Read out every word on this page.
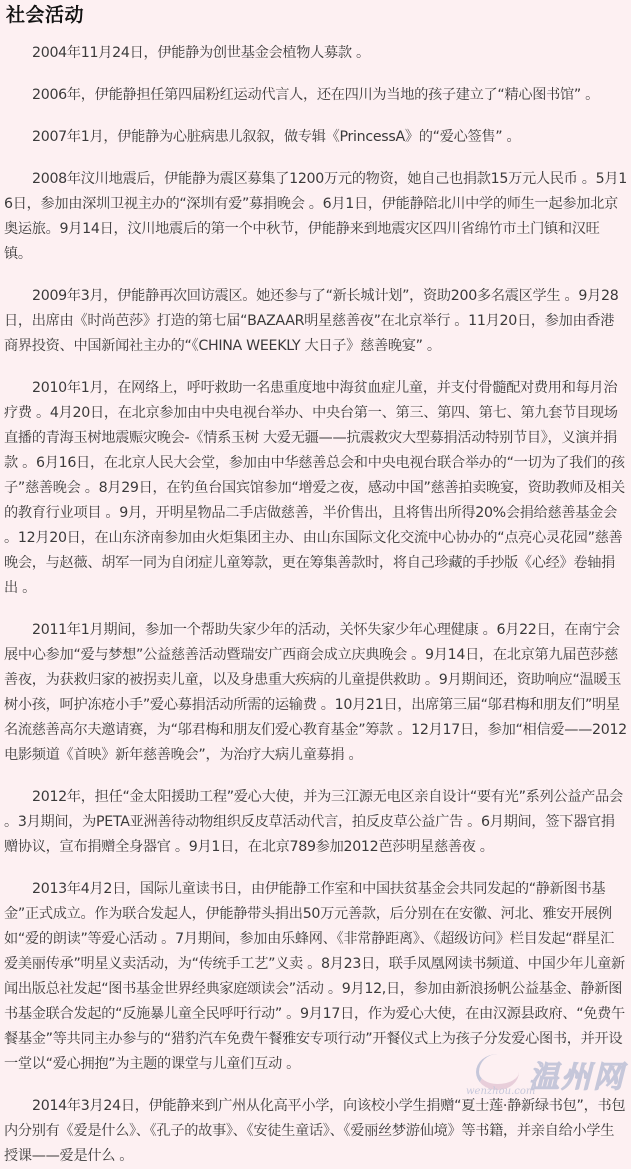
社会活动

2004年11月24日，伊能静为创世基金会植物人募款 。

2006年，伊能静担任第四届粉红运动代言人，还在四川为当地的孩子建立了“精心图书馆” 。

2007年1月，伊能静为心脏病患儿叙叙，做专辑《PrincessA》的“爱心签售” 。

2008年汶川地震后，伊能静为震区募集了1200万元的物资，她自己也捐款15万元人民币 。5月16日，参加由深圳卫视主办的“深圳有爱”募捐晚会 。6月1日，伊能静陪北川中学的师生一起参加北京奥运旅。9月14日，汶川地震后的第一个中秋节，伊能静来到地震灾区四川省绵竹市土门镇和汉旺镇。

2009年3月，伊能静再次回访震区。她还参与了“新长城计划”，资助200多名震区学生 。9月28日，出席由《时尚芭莎》打造的第七届“BAZAAR明星慈善夜”在北京举行 。11月20日，参加由香港商界投资、中国新闻社主办的“《CHINA WEEKLY 大日子》慈善晚宴” 。

2010年1月，在网络上，呼吁救助一名患重度地中海贫血症儿童，并支付骨髓配对费用和每月治疗费 。4月20日，在北京参加由中央电视台举办、中央台第一、第三、第四、第七、第九套节目现场直播的青海玉树地震赈灾晚会-《情系玉树 大爱无疆——抗震救灾大型募捐活动特别节目》，义演并捐款 。6月16日，在北京人民大会堂，参加由中华慈善总会和中央电视台联合举办的“一切为了我们的孩子”慈善晚会 。8月29日，在钓鱼台国宾馆参加“增爱之夜，感动中国”慈善拍卖晚宴，资助教师及相关的教育行业项目 。9月，开明星物品二手店做慈善，半价售出，且将售出所得20%会捐给慈善基金会 。12月20日，在山东济南参加由火炬集团主办、由山东国际文化交流中心协办的“点亮心灵花园”慈善晚会，与赵薇、胡军一同为自闭症儿童筹款，更在筹集善款时，将自己珍藏的手抄版《心经》卷轴捐出 。

2011年1月期间，参加一个帮助失家少年的活动，关怀失家少年心理健康 。6月22日，在南宁会展中心参加“爱与梦想”公益慈善活动暨瑞安广西商会成立庆典晚会 。9月14日，在北京第九届芭莎慈善夜，为获救归家的被拐卖儿童，以及身患重大疾病的儿童提供救助 。9月期间还，资助响应“温暖玉树小孩，呵护冻疮小手”爱心募捐活动所需的运输费 。10月21日，出席第三届“邬君梅和朋友们”明星名流慈善高尔夫邀请赛，为“邬君梅和朋友们爱心教育基金”筹款 。12月17日，参加“相信爱——2012电影频道《首映》新年慈善晚会”，为治疗大病儿童募捐 。

2012年，担任“金太阳援助工程”爱心大使，并为三江源无电区亲自设计“要有光”系列公益产品会 。3月期间，为PETA亚洲善待动物组织反皮草活动代言，拍反皮草公益广告 。6月期间，签下器官捐赠协议，宣布捐赠全身器官 。9月1日，在北京789参加2012芭莎明星慈善夜 。

2013年4月2日，国际儿童读书日，由伊能静工作室和中国扶贫基金会共同发起的“静新图书基金”正式成立。作为联合发起人，伊能静带头捐出50万元善款，后分别在在安徽、河北、雅安开展例如“爱的朗读”等爱心活动 。7月期间，参加由乐蜂网、《非常静距离》、《超级访问》栏目发起“群星汇爱美丽传承”明星义卖活动，为“传统手工艺”义卖 。8月23日，联手凤凰网读书频道、中国少年儿童新闻出版总社发起“图书基金世界经典家庭颂读会”活动 。9月12,日，参加由新浪扬帆公益基金、静新图书基金联合发起的“反施暴儿童全民呼吁行动” 。9月17日，作为爱心大使，在由汉源县政府、“免费午餐基金”等共同主办参与的“猎豹汽车免费午餐雅安专项行动”开餐仪式上为孩子分发爱心图书，并开设一堂以“爱心拥抱”为主题的课堂与儿童们互动 。

2014年3月24日，伊能静来到广州从化高平小学，向该校小学生捐赠“夏士莲·静新绿书包”，书包内分别有《爱是什么》、《孔子的故事》、《安徒生童话》、《爱丽丝梦游仙境》等书籍，并亲自给小学生授课——爱是什么 。

温州网
wenzhou.com
